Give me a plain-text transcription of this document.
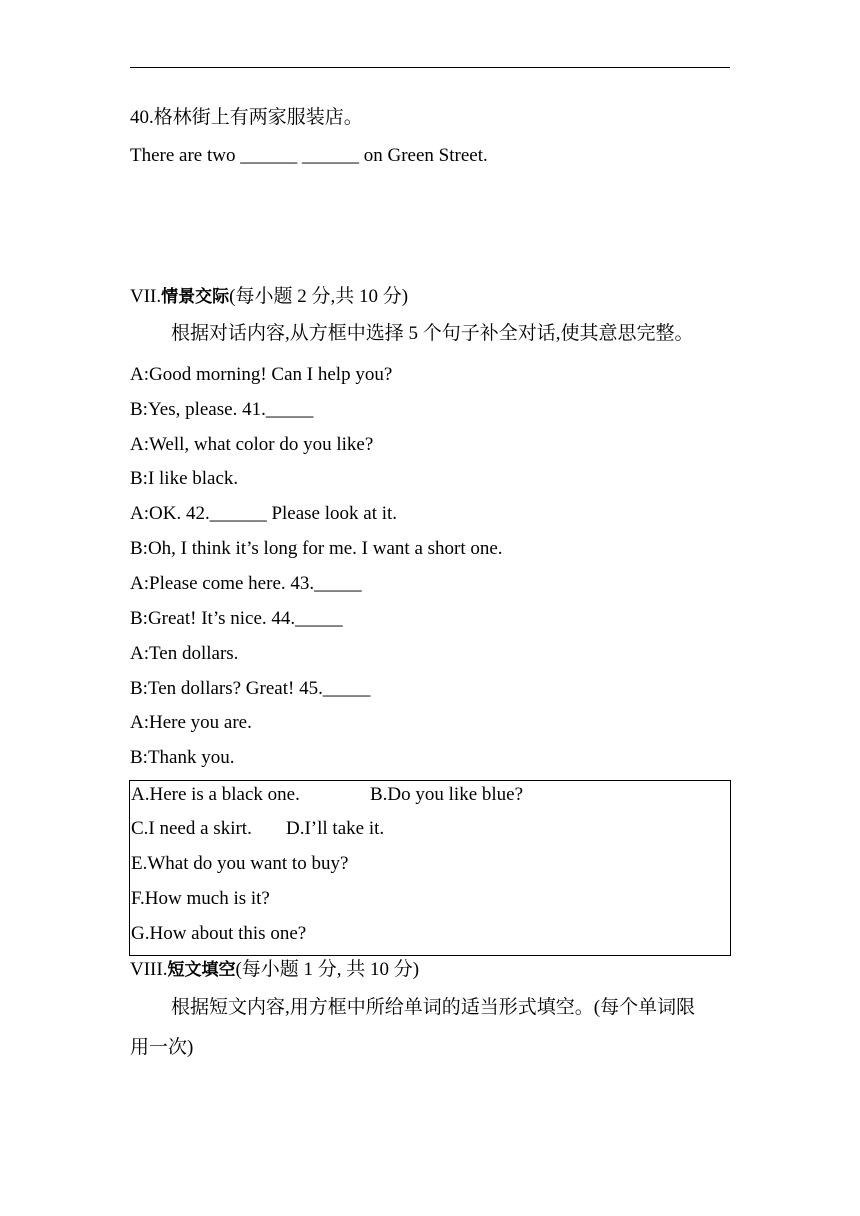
40.格林街上有两家服装店。
There are two ______ ______ on Green Street.
VII.情景交际(每小题 2 分,共 10 分)
根据对话内容,从方框中选择 5 个句子补全对话,使其意思完整。
A:Good morning! Can I help you?
B:Yes, please. 41._____
A:Well, what color do you like?
B:I like black.
A:OK. 42.______ Please look at it.
B:Oh, I think it’s long for me. I want a short one.
A:Please come here. 43._____
B:Great! It’s nice. 44._____
A:Ten dollars.
B:Ten dollars? Great! 45._____
A:Here you are.
B:Thank you.
A.Here is a black one.	B.Do you like blue?
C.I need a skirt. D.I’ll take it.
E.What do you want to buy?
F.How much is it?
G.How about this one?
VIII.短文填空(每小题 1 分, 共 10 分)
根据短文内容,用方框中所给单词的适当形式填空。(每个单词限
用一次)
